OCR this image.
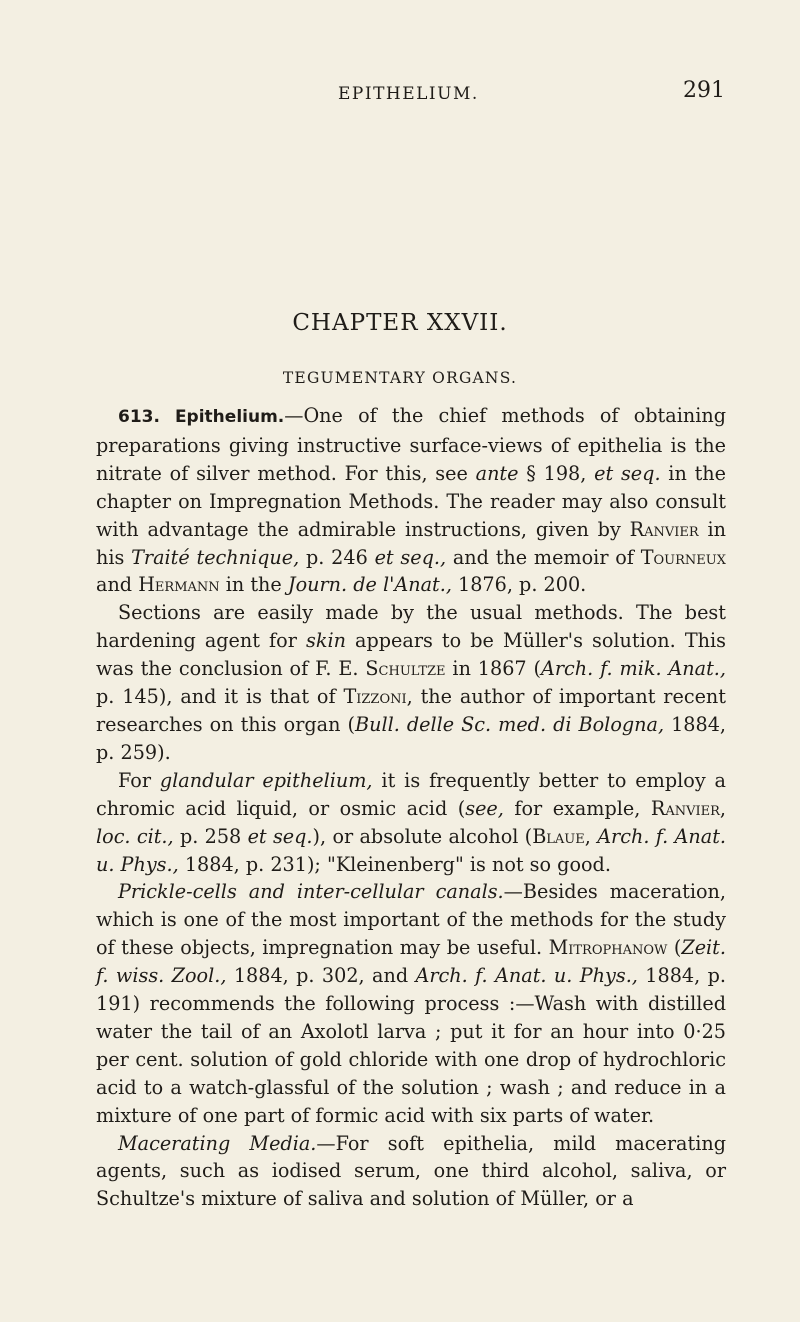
EPITHELIUM.	291
CHAPTER XXVII.
TEGUMENTARY ORGANS.

613. Epithelium.—One of the chief methods of obtaining preparations giving instructive surface-views of epithelia is the nitrate of silver method. For this, see ante § 198, et seq. in the chapter on Impregnation Methods. The reader may also consult with advantage the admirable instructions, given by Ranvier in his Traité technique, p. 246 et seq., and the memoir of Tourneux and Hermann in the Journ. de l'Anat., 1876, p. 200.

Sections are easily made by the usual methods. The best hardening agent for skin appears to be Müller's solution. This was the conclusion of F. E. Schultze in 1867 (Arch. f. mik. Anat., p. 145), and it is that of Tizzoni, the author of important recent researches on this organ (Bull. delle Sc. med. di Bologna, 1884, p. 259).

For glandular epithelium, it is frequently better to employ a chromic acid liquid, or osmic acid (see, for example, Ranvier, loc. cit., p. 258 et seq.), or absolute alcohol (Blaue, Arch. f. Anat. u. Phys., 1884, p. 231); "Kleinenberg" is not so good.

Prickle-cells and inter-cellular canals.—Besides maceration, which is one of the most important of the methods for the study of these objects, impregnation may be useful. Mitrophanow (Zeit. f. wiss. Zool., 1884, p. 302, and Arch. f. Anat. u. Phys., 1884, p. 191) recommends the following process :—Wash with distilled water the tail of an Axolotl larva ; put it for an hour into 0·25 per cent. solution of gold chloride with one drop of hydrochloric acid to a watch-glassful of the solution ; wash ; and reduce in a mixture of one part of formic acid with six parts of water.

Macerating Media.—For soft epithelia, mild macerating agents, such as iodised serum, one third alcohol, saliva, or Schultze's mixture of saliva and solution of Müller, or a
